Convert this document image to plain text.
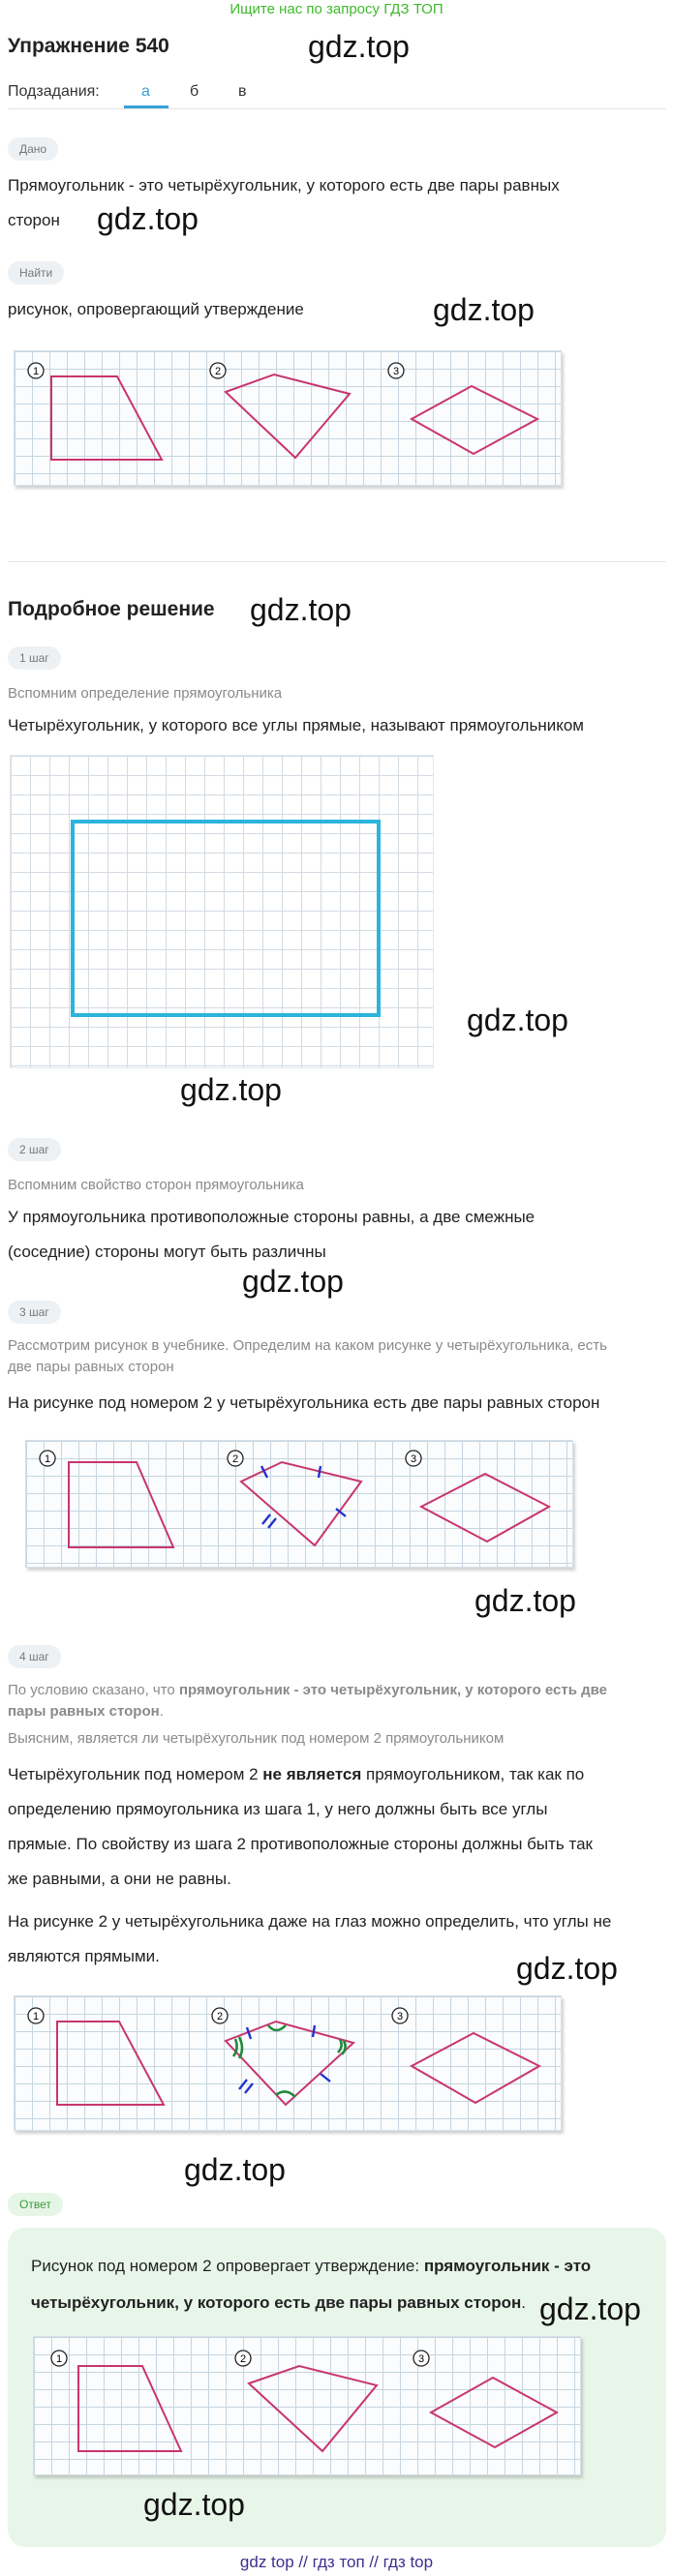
Ищите нас по запросу ГДЗ ТОП
Упражнение 540	gdz.top
Подзадания:	а	б	в
Дано
Прямоугольник - это четырёхугольник, у которого есть две пары равных
сторон gdz.top
Найти
рисунок, опровергающий утверждение	gdz.top
1	2	3
Подробное решение gdz.top
1 шаг
Вспомним определение прямоугольника
Четырёхугольник, у которого все углы прямые, называют прямоугольником
gdz.top
gdz.top
2 шаг
Вспомним свойство сторон прямоугольника
У прямоугольника противоположные стороны равны, а две смежные
(соседние) стороны могут быть различны
gdz.top
3 шаг
Рассмотрим рисунок в учебнике. Определим на каком рисунке у четырёхугольника, есть
две пары равных сторон
На рисунке под номером 2 у четырёхугольника есть две пары равных сторон
1	2	3
gdz.top
4 шаг
По условию сказано, что прямоугольник - это четырёхугольник, у которого есть две
пары равных сторон.
Выясним, является ли четырёхугольник под номером 2 прямоугольником
Четырёхугольник под номером 2 не является прямоугольником, так как по
определению прямоугольника из шага 1, у него должны быть все углы
прямые. По свойству из шага 2 противоположные стороны должны быть так
же равными, а они не равны.
На рисунке 2 у четырёхугольника даже на глаз можно определить, что углы не
являются прямыми.	gdz.top
1	2	3
gdz.top
Ответ
Рисунок под номером 2 опровергает утверждение: прямоугольник - это
четырёхугольник, у которого есть две пары равных сторон. gdz.top
1	2	3
gdz.top
gdz top // гдз топ // гдз top
